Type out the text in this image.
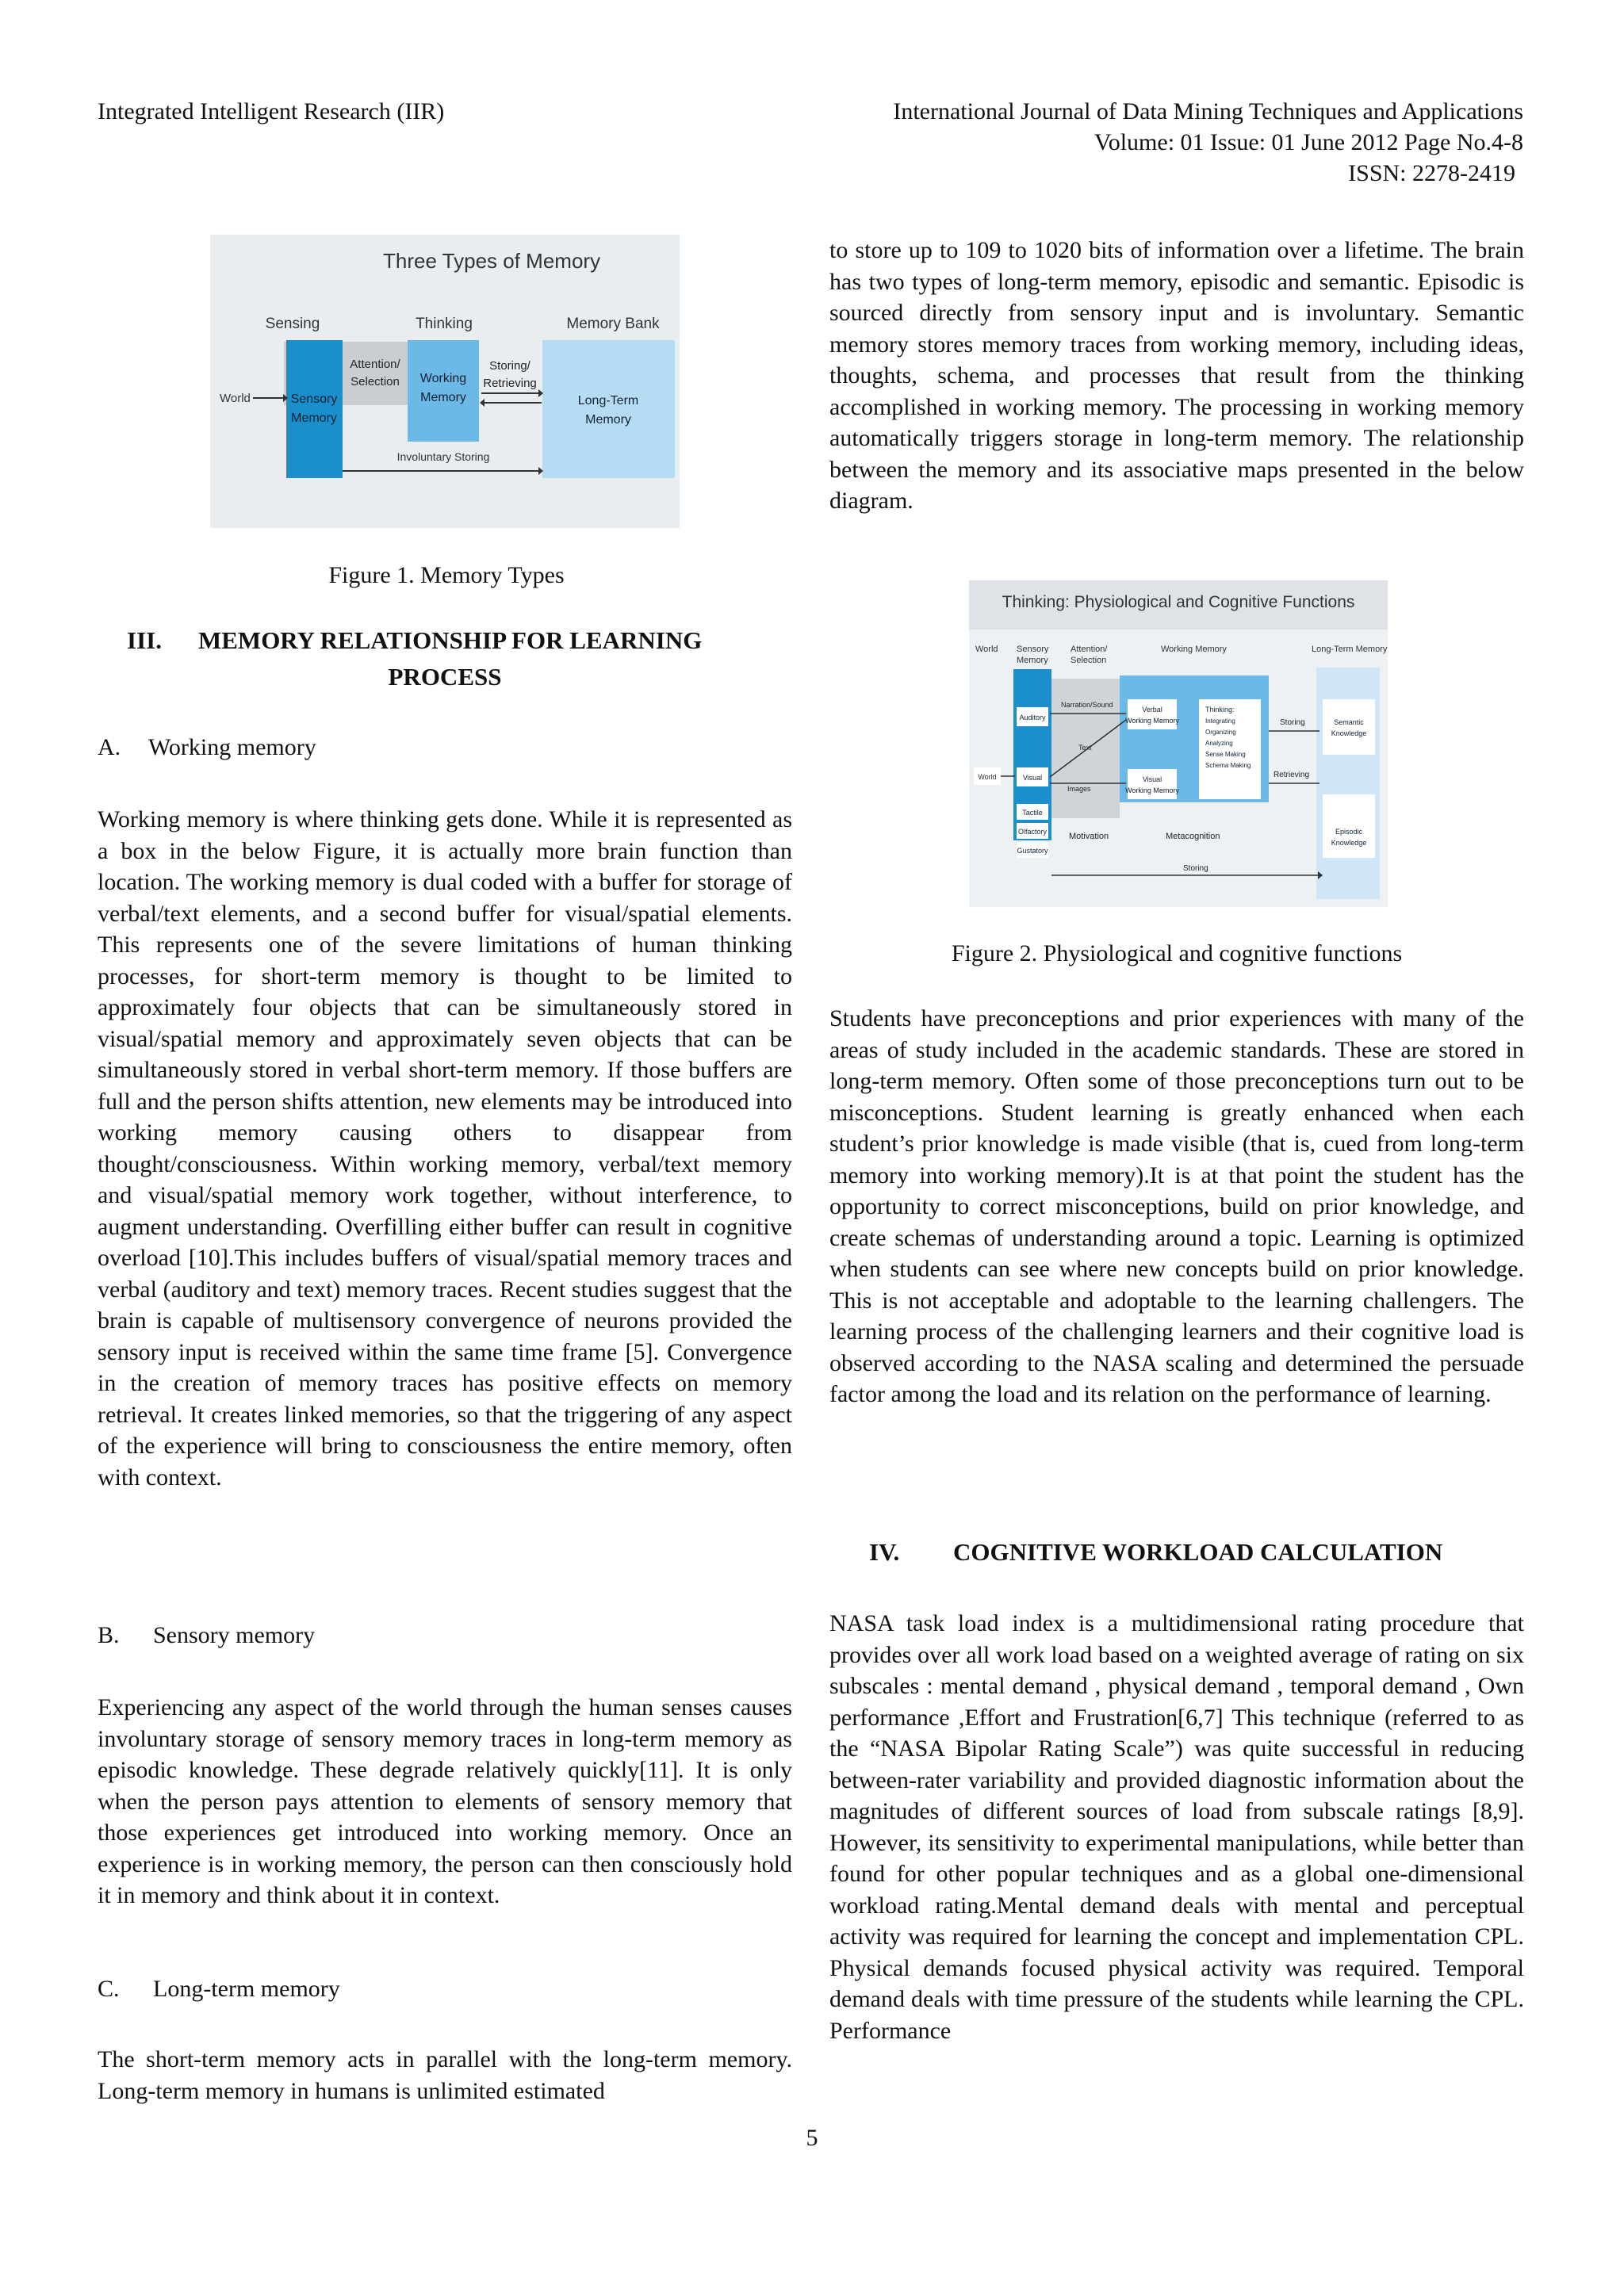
Integrated Intelligent Research (IIR)	International Journal of Data Mining Techniques and Applications
Volume: 01 Issue: 01 June 2012 Page No.4-8
ISSN: 2278-2419
Three Types of Memory
Sensing	Thinking	Memory Bank
World	Sensory
Memory
Attention/
Selection Working
Memory
Storing/
Retrieving
Long-Term
Memory
Involuntary Storing
Figure 1. Memory Types
III. MEMORY RELATIONSHIP FOR LEARNING
PROCESS
A. Working memory

Working memory is where thinking gets done. While it is represented as a box in the below Figure, it is actually more brain function than location. The working memory is dual coded with a buffer for storage of verbal/text elements, and a second buffer for visual/spatial elements. This represents one of the severe limitations of human thinking processes, for short-term memory is thought to be limited to approximately four objects that can be simultaneously stored in visual/spatial memory and approximately seven objects that can be simultaneously stored in verbal short-term memory. If those buffers are full and the person shifts attention, new elements may be introduced into working memory causing others to disappear from thought/consciousness. Within working memory, verbal/text memory and visual/spatial memory work together, without interference, to augment understanding. Overfilling either buffer can result in cognitive overload [10].This includes buffers of visual/spatial memory traces and verbal (auditory and text) memory traces. Recent studies suggest that the brain is capable of multisensory convergence of neurons provided the sensory input is received within the same time frame [5]. Convergence in the creation of memory traces has positive effects on memory retrieval. It creates linked memories, so that the triggering of any aspect of the experience will bring to consciousness the entire memory, often with context.

B. Sensory memory

Experiencing any aspect of the world through the human senses causes involuntary storage of sensory memory traces in long-term memory as episodic knowledge. These degrade relatively quickly[11]. It is only when the person pays attention to elements of sensory memory that those experiences get introduced into working memory. Once an experience is in working memory, the person can then consciously hold it in memory and think about it in context.

C. Long-term memory

The short-term memory acts in parallel with the long-term memory. Long-term memory in humans is unlimited estimated

to store up to 109 to 1020 bits of information over a lifetime. The brain has two types of long-term memory, episodic and semantic. Episodic is sourced directly from sensory input and is involuntary. Semantic memory stores memory traces from working memory, including ideas, thoughts, schema, and processes that result from the thinking accomplished in working memory. The processing in working memory automatically triggers storage in long-term memory. The relationship between the memory and its associative maps presented in the below diagram.

Thinking: Physiological and Cognitive Functions
World Sensory
Memory
Attention/
Selection
Working Memory	Long-Term Memory
Auditory
Visual
Tactile
Olfactory
Gustatory
World
Narration/Sound
Text
Images
Verbal
Working Memory
Visual
Working Memory
Thinking:
Integrating
Organizing
Analyzing
Sense Making
Schema Making
Storing
Retrieving
Semantic
Knowledge
Episodic
Knowledge
Motivation	Metacognition
Storing
Figure 2. Physiological and cognitive functions

Students have preconceptions and prior experiences with many of the areas of study included in the academic standards. These are stored in long-term memory. Often some of those preconceptions turn out to be misconceptions. Student learning is greatly enhanced when each student’s prior knowledge is made visible (that is, cued from long-term memory into working memory).It is at that point the student has the opportunity to correct misconceptions, build on prior knowledge, and create schemas of understanding around a topic. Learning is optimized when students can see where new concepts build on prior knowledge. This is not acceptable and adoptable to the learning challengers. The learning process of the challenging learners and their cognitive load is observed according to the NASA scaling and determined the persuade factor among the load and its relation on the performance of learning.

IV. COGNITIVE WORKLOAD CALCULATION

NASA task load index is a multidimensional rating procedure that provides over all work load based on a weighted average of rating on six subscales : mental demand , physical demand , temporal demand , Own performance ,Effort and Frustration[6,7] This technique (referred to as the “NASA Bipolar Rating Scale”) was quite successful in reducing between-rater variability and provided diagnostic information about the magnitudes of different sources of load from subscale ratings [8,9]. However, its sensitivity to experimental manipulations, while better than found for other popular techniques and as a global one-dimensional workload rating.Mental demand deals with mental and perceptual activity was required for learning the concept and implementation CPL. Physical demands focused physical activity was required. Temporal demand deals with time pressure of the students while learning the CPL. Performance

5
